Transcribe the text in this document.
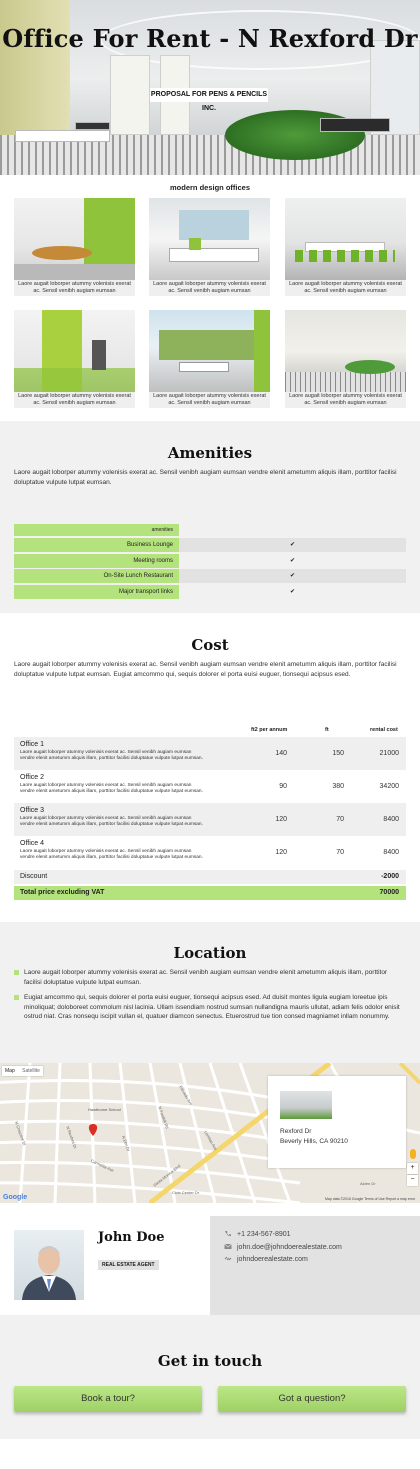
Office For Rent - N Rexford Dr
PROPOSAL FOR PENS & PENCILS INC.
modern design offices
Laore augait loborper atummy volenisis exerat ac. Sensil venibh augiam eumsan
Laore augait loborper atummy volenisis exerat ac. Sensil venibh augiam eumsan
Laore augait loborper atummy volenisis exerat ac. Sensil venibh augiam eumsan
Laore augait loborper atummy volenisis exerat ac. Sensil venibh augiam eumsan
Laore augait loborper atummy volenisis exerat ac. Sensil venibh augiam eumsan
Laore augait loborper atummy volenisis exerat ac. Sensil venibh augiam eumsan
Amenities
Laore augait loborper atummy volenisis exerat ac. Sensil venibh augiam eumsan vendre elenit ametumm aliquis illam, porttitor facilisi doluptatue vulpute lutpat eumsan.
amenities
Business Lounge	✔
Meeting rooms	✔
On-Site Lunch Restaurant	✔
Major transport links	✔
Cost
Laore augait loborper atummy volenisis exerat ac. Sensil venibh augiam eumsan vendre elenit ametumm aliquis illam, porttitor facilisi doluptatue vulpute lutpat eumsan. Eugiat amcommo qui, sequis dolorer el porta euisi euguer, tionsequi acipsus esed.
ft2 per annum	ft	rental cost
Office 1
Laore augait loborper atummy volenisis exerat ac. Sensil venibh augiam eumsan vendre elenit ametumm aliquis illam, porttitor facilisi doluptatue vulpute lutpat eumsan.
140	150	21000
Office 2
Laore augait loborper atummy volenisis exerat ac. Sensil venibh augiam eumsan vendre elenit ametumm aliquis illam, porttitor facilisi doluptatue vulpute lutpat eumsan.
90	380	34200
Office 3
Laore augait loborper atummy volenisis exerat ac. Sensil venibh augiam eumsan vendre elenit ametumm aliquis illam, porttitor facilisi doluptatue vulpute lutpat eumsan.
120	70	8400
Office 4
Laore augait loborper atummy volenisis exerat ac. Sensil venibh augiam eumsan vendre elenit ametumm aliquis illam, porttitor facilisi doluptatue vulpute lutpat eumsan.
120	70	8400
Discount	-2000
Total price excluding VAT	70000
Location
Laore augait loborper atummy volenisis exerat ac. Sensil venibh augiam eumsan vendre elenit ametumm aliquis illam, porttitor facilisi doluptatue vulpute lutpat eumsan.
Eugiat amcommo qui, sequis dolorer el porta euisi euguer, tionsequi acipsus esed. Ad duisit montes ligula eugiam loreetue ipis minoliquat; doloboreet commolum nisl lacinia. Ullam issendiam nostrud sumsan nullandigna mauris ullutat, adiam felis odolor enisit ostrud niat. Cras nonsequ iscipit vullan el, quatuer diamcon senectus. Etuerostrud tue tion consed magniamet inllam nonummy.
Map Satellite
Hawthorne School
N Rexford Dr
N Crescent Dr	N Elm Dr
N Foothill Rd
Carmelita Ave
Elevado Ave
Lomitas Ave
Santa Monica Blvd
Civic Center Dr
Alden Dr
Google	Map data ©2016 Google Terms of Use Report a map error
+
−
Rexford Dr
Beverly Hills, CA 90210
John Doe
REAL ESTATE AGENT
+1 234-567-8901
john.doe@johndoerealestate.com
johndoerealestate.com
Get in touch
Book a tour?	Got a question?
